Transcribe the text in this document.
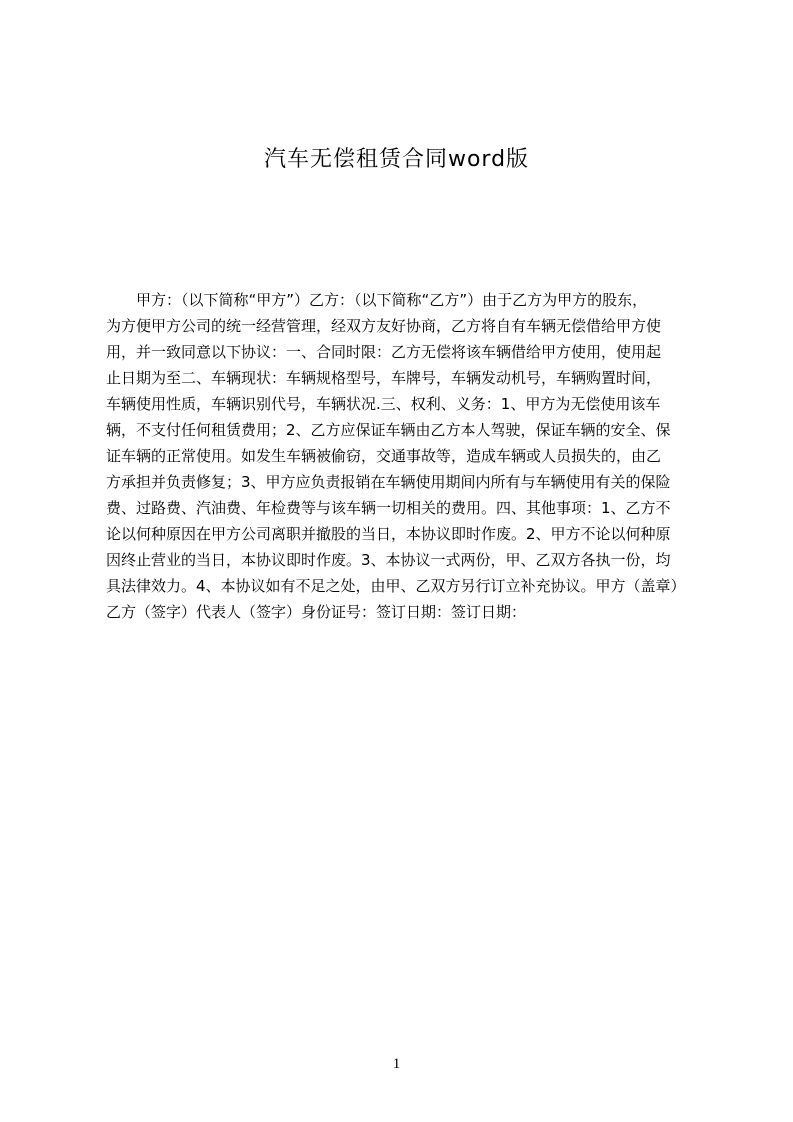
汽车无偿租赁合同word版
　　甲方：（以下简称“甲方”）乙方：（以下简称“乙方”）由于乙方为甲方的股东，
为方便甲方公司的统一经营管理，经双方友好协商，乙方将自有车辆无偿借给甲方使
用，并一致同意以下协议：一、合同时限：乙方无偿将该车辆借给甲方使用，使用起
止日期为至二、车辆现状：车辆规格型号，车牌号，车辆发动机号，车辆购置时间，
车辆使用性质，车辆识别代号，车辆状况.三、权利、义务：1、甲方为无偿使用该车
辆，不支付任何租赁费用；2、乙方应保证车辆由乙方本人驾驶，保证车辆的安全、保
证车辆的正常使用。如发生车辆被偷窃，交通事故等，造成车辆或人员损失的，由乙
方承担并负责修复；3、甲方应负责报销在车辆使用期间内所有与车辆使用有关的保险
费、过路费、汽油费、年检费等与该车辆一切相关的费用。四、其他事项：1、乙方不
论以何种原因在甲方公司离职并撤股的当日，本协议即时作废。2、甲方不论以何种原
因终止营业的当日，本协议即时作废。3、本协议一式两份，甲、乙双方各执一份，均
具法律效力。4、本协议如有不足之处，由甲、乙双方另行订立补充协议。甲方（盖章）
乙方（签字）代表人（签字）身份证号：签订日期：签订日期：
1
